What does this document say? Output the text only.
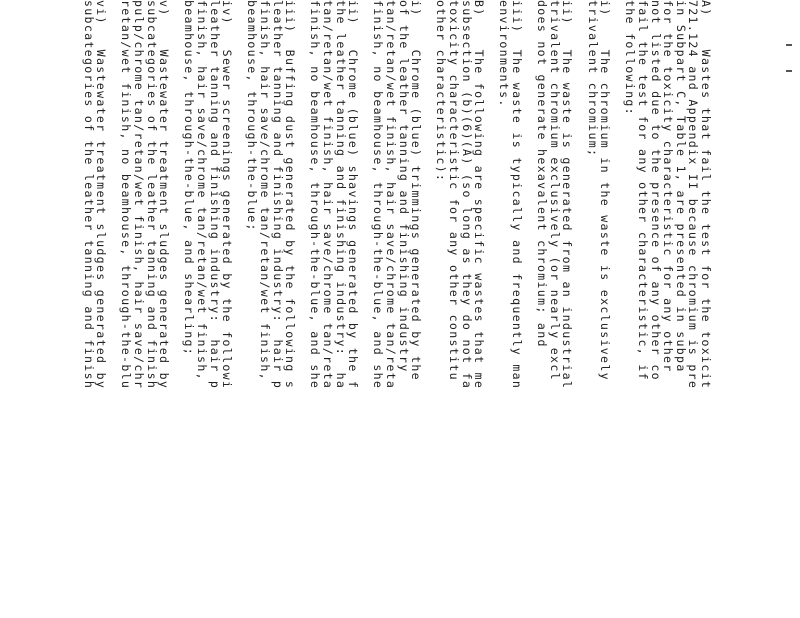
A)    Wastes that fail the test for the toxicit

721.124 and Appendix II because chromium is pre

in Subpart C, Table 1, are presented in subpa

for the toxicity characteristic for any other

not listed due to the presence of any other co

fail the test for any other characteristic, if

the following:

i)    The chromium in the waste is exclusively

trivalent chromium;

ii)   The waste is generated from an industrial

trivalent chromium exclusively (or nearly excl

does not generate hexavalent chromium; and

iii)  The waste is typically and frequently man

environments.

B)    The following are specific wastes that me

subsection (b)(6)(A) (so long as they do not fa

toxicity characteristic for any other constitu

other characteristic):

i)    Chrome (blue) trimmings generated by the

of the leather tanning and finishing industry

tan/retan/wet finish, hair save/chrome tan/reta

finish, no beamhouse, through-the-blue, and she

ii)   Chrome (blue) shavings generated by the f

the leather tanning and finishing industry:  ha

tan/retan/wet finish, hair save/chrome tan/reta

finish, no beamhouse, through-the-blue, and she

iii)  Buffing dust generated by the following s

leather tanning and finishing industry:  hair p

finish, hair save/chrome tan/retan/wet finish,

beamhouse, through-the-blue;

iv)   Sewer screenings generated by the followi

leather tanning and finishing industry:  hair p

finish, hair save/chrome tan/retan/wet finish,

beamhouse, through-the-blue, and shearling;

v)    Wastewater treatment sludges generated by

subcategories of the leather tanning and finish

pulp/chrome tan/retan/wet finish, hair save/chr

retan/wet finish, no beamhouse, through-the-blu

vi)   Wastewater treatment sludges generated by

subcategories of the leather tanning and finish
